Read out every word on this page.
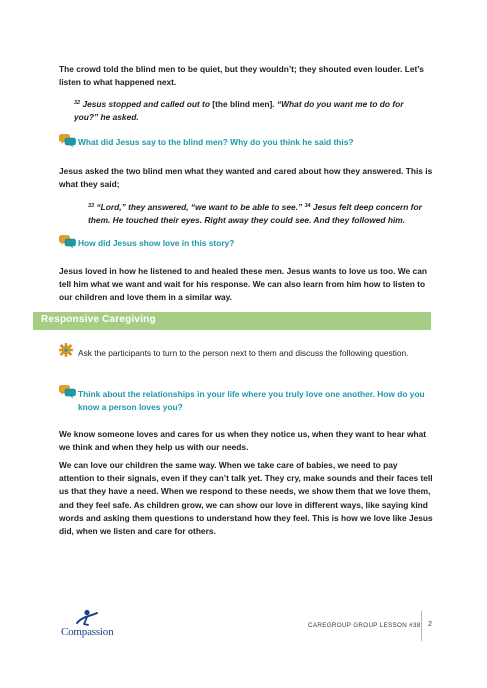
The crowd told the blind men to be quiet, but they wouldn’t; they shouted even louder. Let’s listen to what happened next.
$^{32}$ Jesus stopped and called out to [the blind men]. “What do you want me to do for you?” he asked.
What did Jesus say to the blind men? Why do you think he said this?
Jesus asked the two blind men what they wanted and cared about how they answered. This is what they said;
$^{33}$ “Lord,” they answered, “we want to be able to see.” $^{34}$ Jesus felt deep concern for them. He touched their eyes. Right away they could see. And they followed him.
How did Jesus show love in this story?
Jesus loved in how he listened to and healed these men. Jesus wants to love us too. We can tell him what we want and wait for his response. We can also learn from him how to listen to our children and love them in a similar way.
Responsive Caregiving
Ask the participants to turn to the person next to them and discuss the following question.
Think about the relationships in your life where you truly love one another. How do you know a person loves you?
We know someone loves and cares for us when they notice us, when they want to hear what we think and when they help us with our needs.
We can love our children the same way. When we take care of babies, we need to pay attention to their signals, even if they can’t talk yet. They cry, make sounds and their faces tell us that they have a need. When we respond to these needs, we show them that we love them, and they feel safe. As children grow, we can show our love in different ways, like saying kind words and asking them questions to understand how they feel. This is how we love like Jesus did, when we listen and care for others.
Compassion
CAREGROUP GROUP LESSON #38 2
